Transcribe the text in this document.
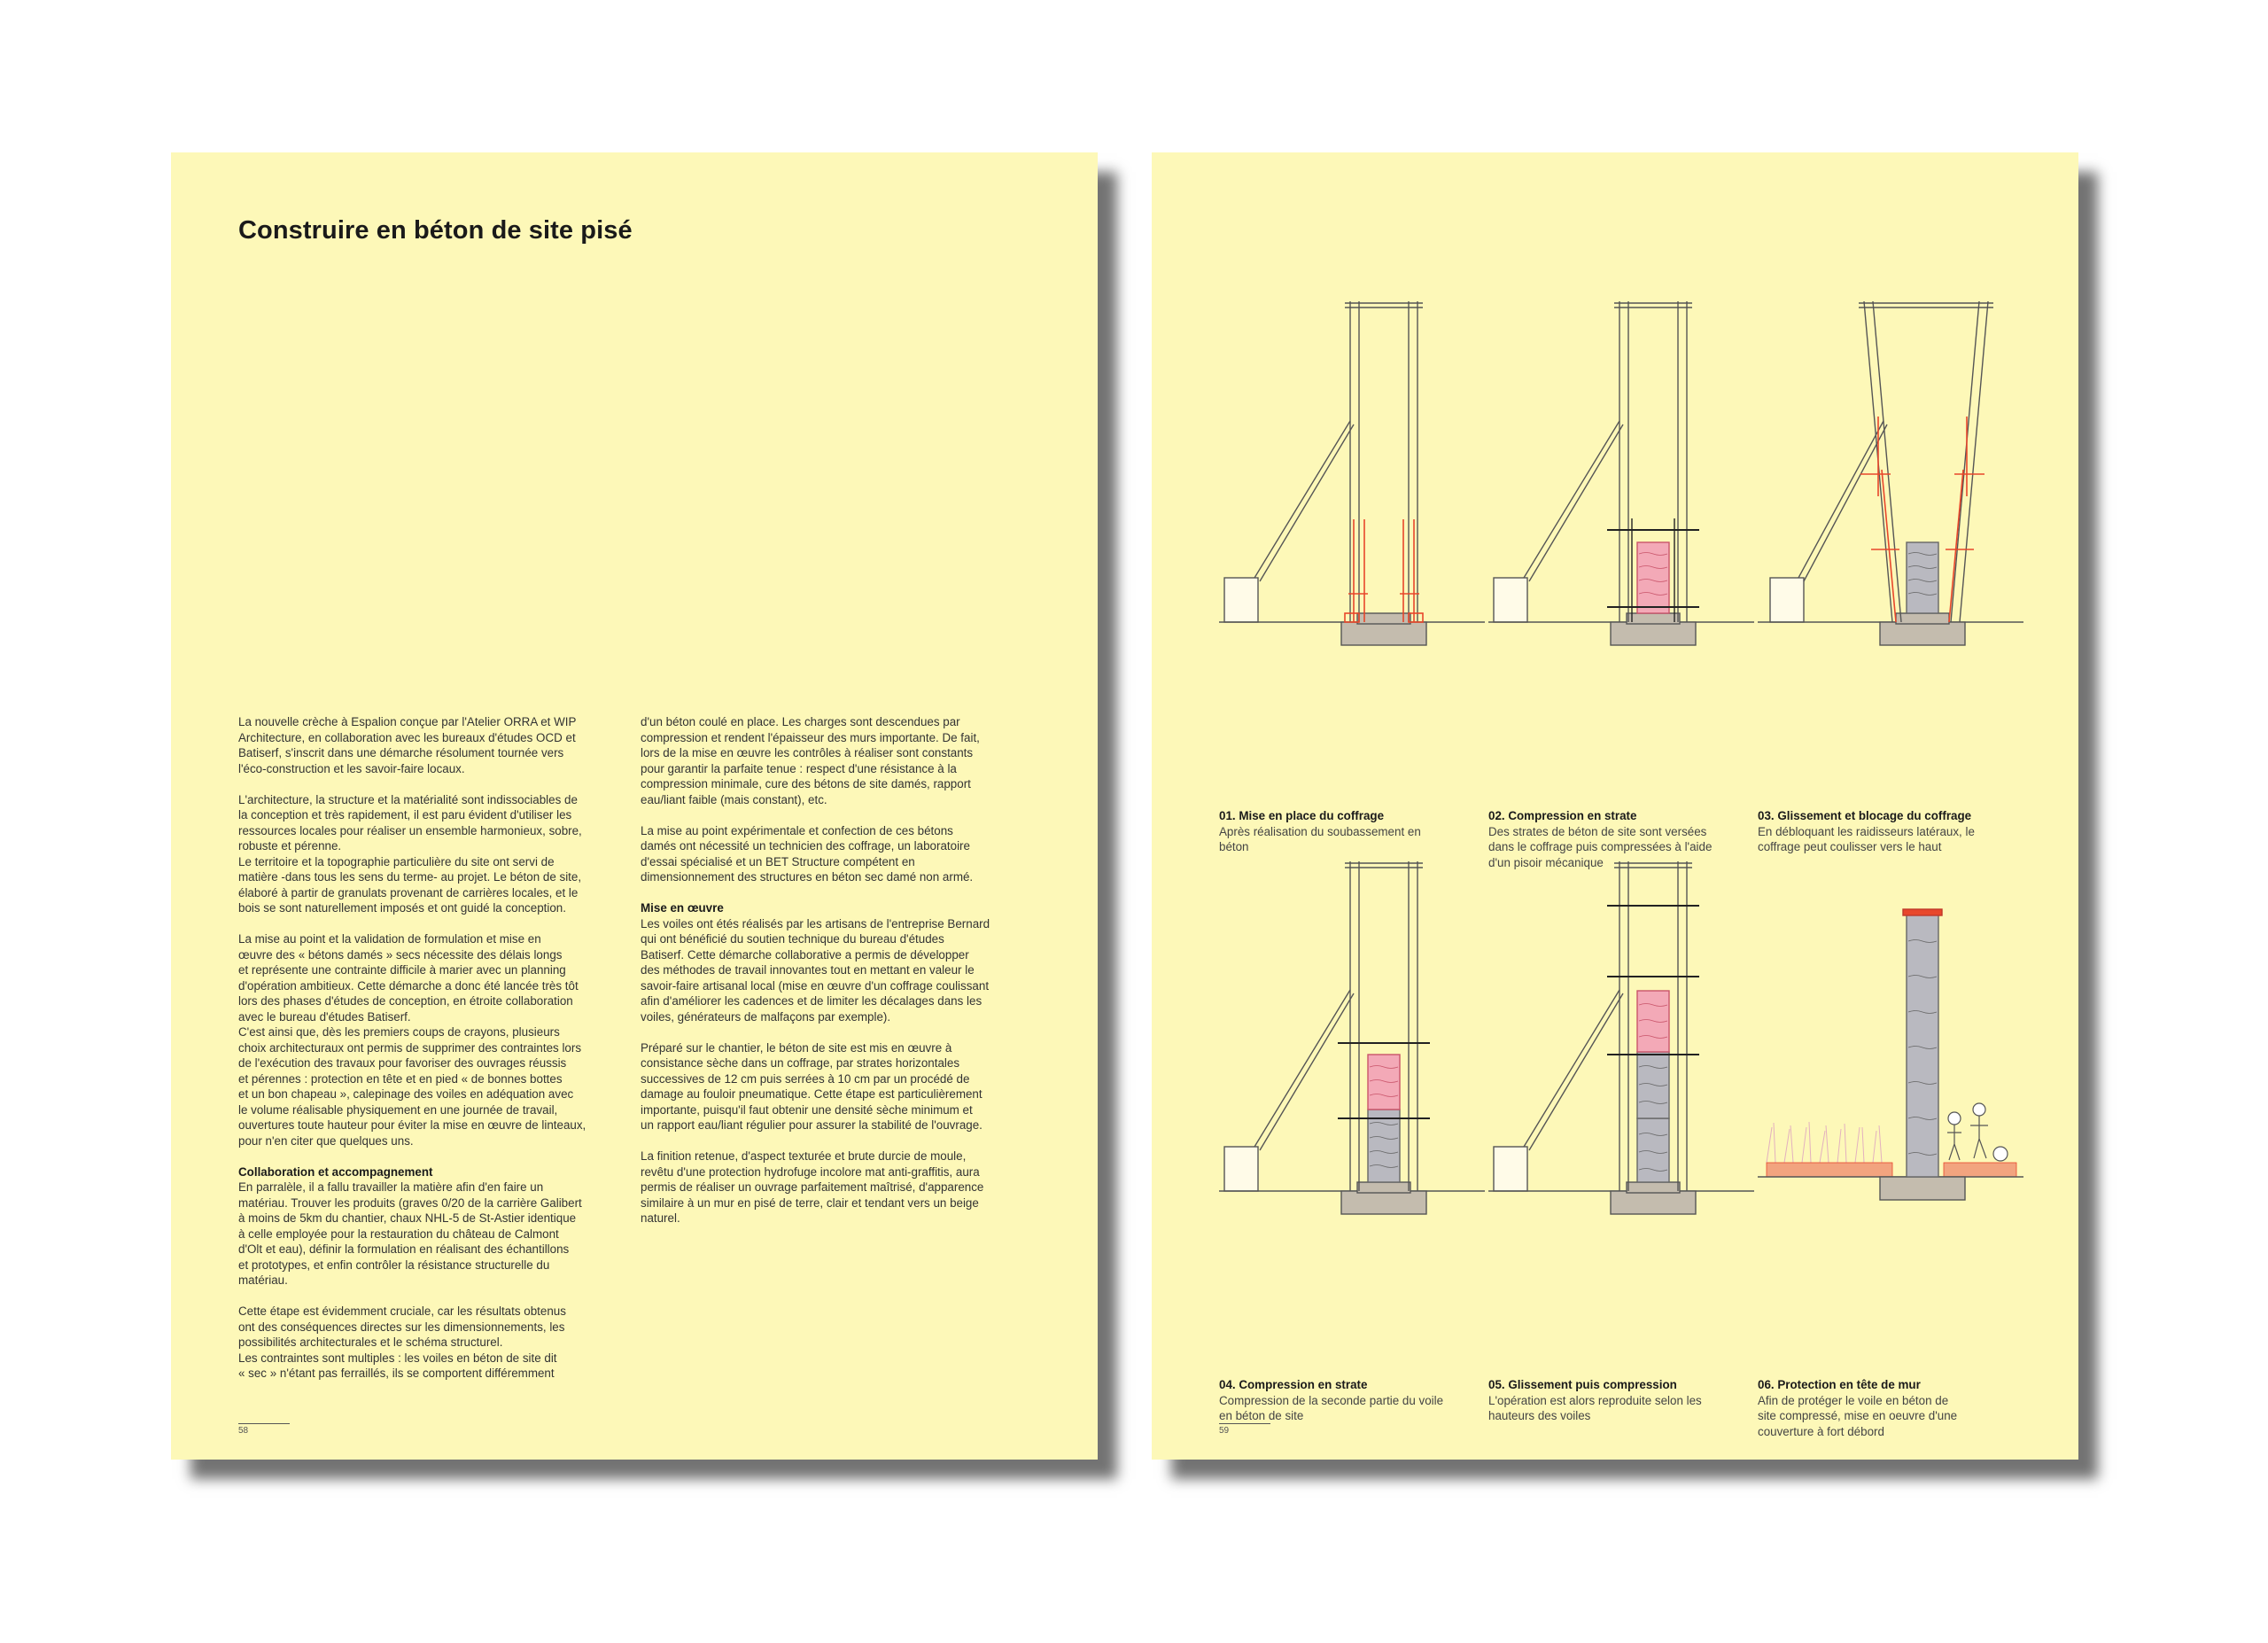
Construire en béton de site pisé

La nouvelle crèche à Espalion conçue par l'Atelier ORRA et WIP
Architecture, en collaboration avec les bureaux d'études OCD et
Batiserf, s'inscrit dans une démarche résolument tournée vers
l'éco-construction et les savoir-faire locaux.

L'architecture, la structure et la matérialité sont indissociables de
la conception et très rapidement, il est paru évident d'utiliser les
ressources locales pour réaliser un ensemble harmonieux, sobre,
robuste et pérenne.
Le territoire et la topographie particulière du site ont servi de
matière -dans tous les sens du terme- au projet. Le béton de site,
élaboré à partir de granulats provenant de carrières locales, et le
bois se sont naturellement imposés et ont guidé la conception.

La mise au point et la validation de formulation et mise en
œuvre des « bétons damés » secs nécessite des délais longs
et représente une contrainte difficile à marier avec un planning
d'opération ambitieux. Cette démarche a donc été lancée très tôt
lors des phases d'études de conception, en étroite collaboration
avec le bureau d'études Batiserf.
C'est ainsi que, dès les premiers coups de crayons, plusieurs
choix architecturaux ont permis de supprimer des contraintes lors
de l'exécution des travaux pour favoriser des ouvrages réussis
et pérennes : protection en tête et en pied « de bonnes bottes
et un bon chapeau », calepinage des voiles en adéquation avec
le volume réalisable physiquement en une journée de travail,
ouvertures toute hauteur pour éviter la mise en œuvre de linteaux,
pour n'en citer que quelques uns.

Collaboration et accompagnement

En parralèle, il a fallu travailler la matière afin d'en faire un
matériau. Trouver les produits (graves 0/20 de la carrière Galibert
à moins de 5km du chantier, chaux NHL-5 de St-Astier identique
à celle employée pour la restauration du château de Calmont
d'Olt et eau), définir la formulation en réalisant des échantillons
et prototypes, et enfin contrôler la résistance structurelle du
matériau.

Cette étape est évidemment cruciale, car les résultats obtenus
ont des conséquences directes sur les dimensionnements, les
possibilités architecturales et le schéma structurel.
Les contraintes sont multiples : les voiles en béton de site dit
« sec » n'étant pas ferraillés, ils se comportent différemment

d'un béton coulé en place. Les charges sont descendues par
compression et rendent l'épaisseur des murs importante. De fait,
lors de la mise en œuvre les contrôles à réaliser sont constants
pour garantir la parfaite tenue : respect d'une résistance à la
compression minimale, cure des bétons de site damés, rapport
eau/liant faible (mais constant), etc.

La mise au point expérimentale et confection de ces bétons
damés ont nécessité un technicien des coffrage, un laboratoire
d'essai spécialisé et un BET Structure compétent en
dimensionnement des structures en béton sec damé non armé.

Mise en œuvre

Les voiles ont étés réalisés par les artisans de l'entreprise Bernard
qui ont bénéficié du soutien technique du bureau d'études
Batiserf. Cette démarche collaborative a permis de développer
des méthodes de travail innovantes tout en mettant en valeur le
savoir-faire artisanal local (mise en œuvre d'un coffrage coulissant
afin d'améliorer les cadences et de limiter les décalages dans les
voiles, générateurs de malfaçons par exemple).

Préparé sur le chantier, le béton de site est mis en œuvre à
consistance sèche dans un coffrage, par strates horizontales
successives de 12 cm puis serrées à 10 cm par un procédé de
damage au fouloir pneumatique. Cette étape est particulièrement
importante, puisqu'il faut obtenir une densité sèche minimum et
un rapport eau/liant régulier pour assurer la stabilité de l'ouvrage.

La finition retenue, d'aspect texturée et brute durcie de moule,
revêtu d'une protection hydrofuge incolore mat anti-graffitis, aura
permis de réaliser un ouvrage parfaitement maîtrisé, d'apparence
similaire à un mur en pisé de terre, clair et tendant vers un beige
naturel.

58
01. Mise en place du coffrage
Après réalisation du soubassement en
béton
02. Compression en strate
Des strates de béton de site sont versées
dans le coffrage puis compressées à l'aide
d'un pisoir mécanique
03. Glissement et blocage du coffrage
En débloquant les raidisseurs latéraux, le
coffrage peut coulisser vers le haut
04. Compression en strate
Compression de la seconde partie du voile
en béton de site
05. Glissement puis compression
L'opération est alors reproduite selon les
hauteurs des voiles
06. Protection en tête de mur
Afin de protéger le voile en béton de
site compressé, mise en oeuvre d'une
couverture à fort débord
59
